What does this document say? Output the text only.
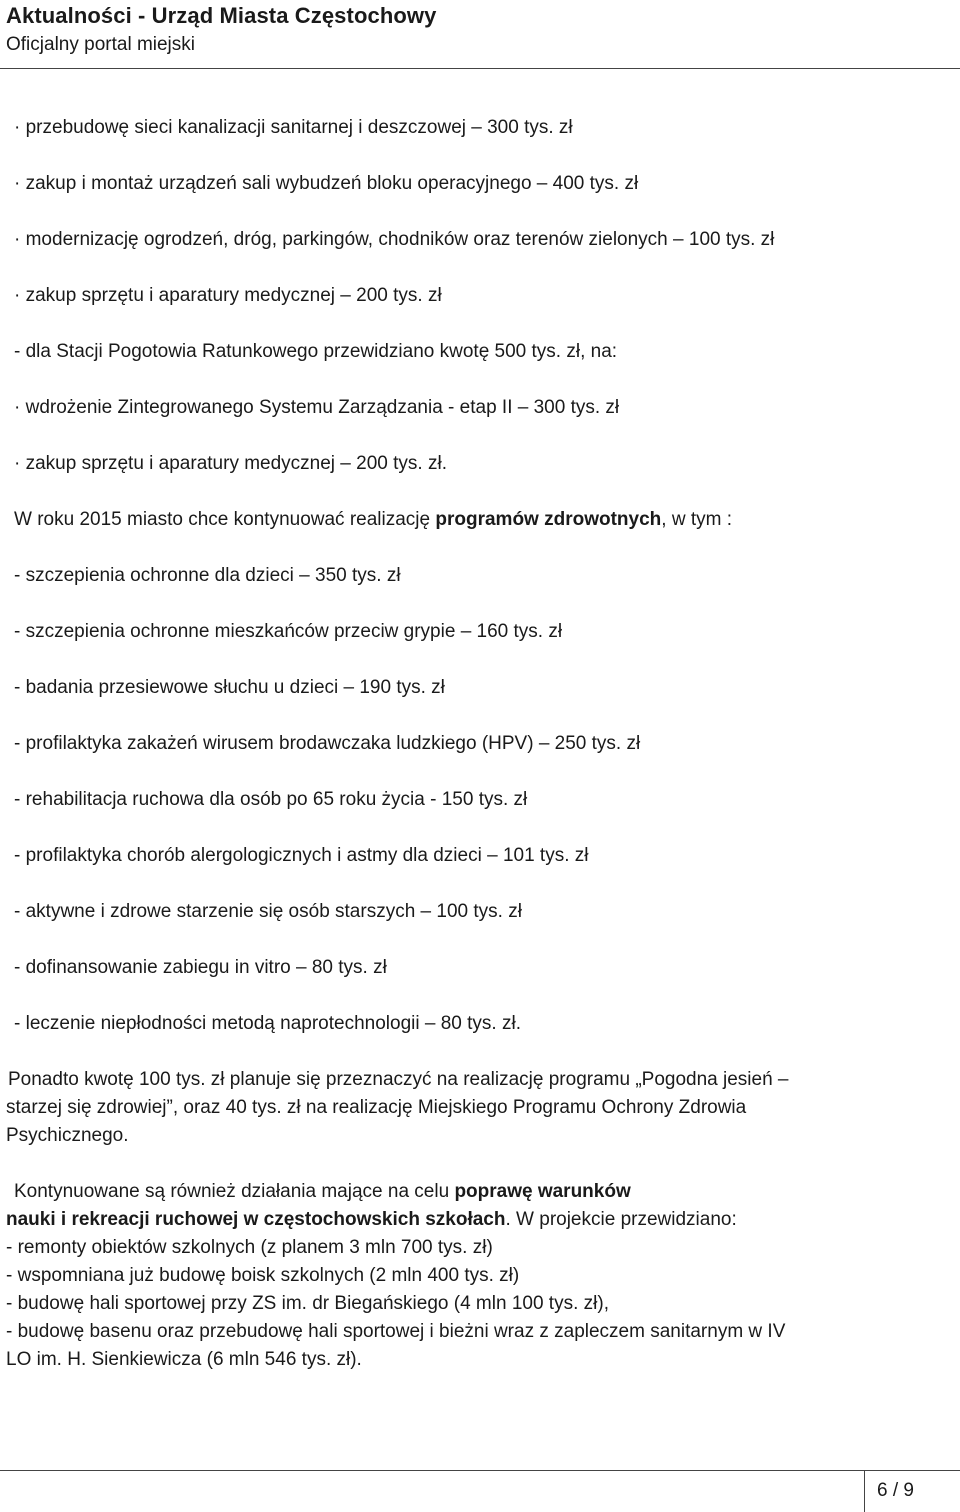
Aktualności - Urząd Miasta Częstochowy
Oficjalny portal miejski
· przebudowę sieci kanalizacji sanitarnej i deszczowej – 300 tys. zł
· zakup i montaż urządzeń sali wybudzeń bloku operacyjnego – 400 tys. zł
· modernizację ogrodzeń, dróg, parkingów, chodników oraz terenów zielonych – 100 tys. zł
· zakup sprzętu i aparatury medycznej – 200 tys. zł
- dla Stacji Pogotowia Ratunkowego przewidziano kwotę 500 tys. zł, na:
· wdrożenie Zintegrowanego Systemu Zarządzania - etap II – 300 tys. zł
· zakup sprzętu i aparatury medycznej – 200 tys. zł.
W roku 2015 miasto chce kontynuować realizację programów zdrowotnych, w tym :
- szczepienia ochronne dla dzieci – 350 tys. zł
- szczepienia ochronne mieszkańców przeciw grypie – 160 tys. zł
- badania przesiewowe słuchu u dzieci – 190 tys. zł
- profilaktyka zakażeń wirusem brodawczaka ludzkiego (HPV) – 250 tys. zł
- rehabilitacja ruchowa dla osób po 65 roku życia - 150 tys. zł
- profilaktyka chorób alergologicznych i astmy dla dzieci – 101 tys. zł
- aktywne i zdrowe starzenie się osób starszych – 100 tys. zł
- dofinansowanie zabiegu in vitro – 80 tys. zł
- leczenie niepłodności metodą naprotechnologii – 80 tys. zł.
Ponadto kwotę 100 tys. zł planuje się przeznaczyć na realizację programu „Pogodna jesień –
starzej się zdrowiej”, oraz 40 tys. zł na realizację Miejskiego Programu Ochrony Zdrowia
Psychicznego.
Kontynuowane są również działania mające na celu poprawę warunków
nauki i rekreacji ruchowej w częstochowskich szkołach. W projekcie przewidziano:
- remonty obiektów szkolnych (z planem 3 mln 700 tys. zł)
- wspomniana już budowę boisk szkolnych (2 mln 400 tys. zł)
- budowę hali sportowej przy ZS im. dr Biegańskiego (4 mln 100 tys. zł),
- budowę basenu oraz przebudowę hali sportowej i bieżni wraz z zapleczem sanitarnym w IV
LO im. H. Sienkiewicza (6 mln 546 tys. zł).
6 / 9
